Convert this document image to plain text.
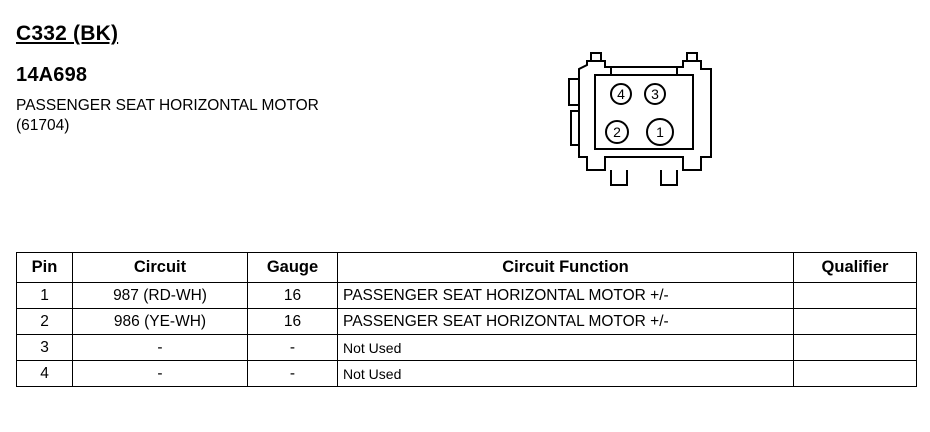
C332 (BK)
14A698
PASSENGER SEAT HORIZONTAL MOTOR (61704)
4 3
2	1
Pin	Circuit	Gauge	Circuit Function	Qualifier
1	987 (RD-WH)	16	PASSENGER SEAT HORIZONTAL MOTOR +/-	
2	986 (YE-WH)	16	PASSENGER SEAT HORIZONTAL MOTOR +/-	
3	-	-	Not Used	
4	-	-	Not Used	
